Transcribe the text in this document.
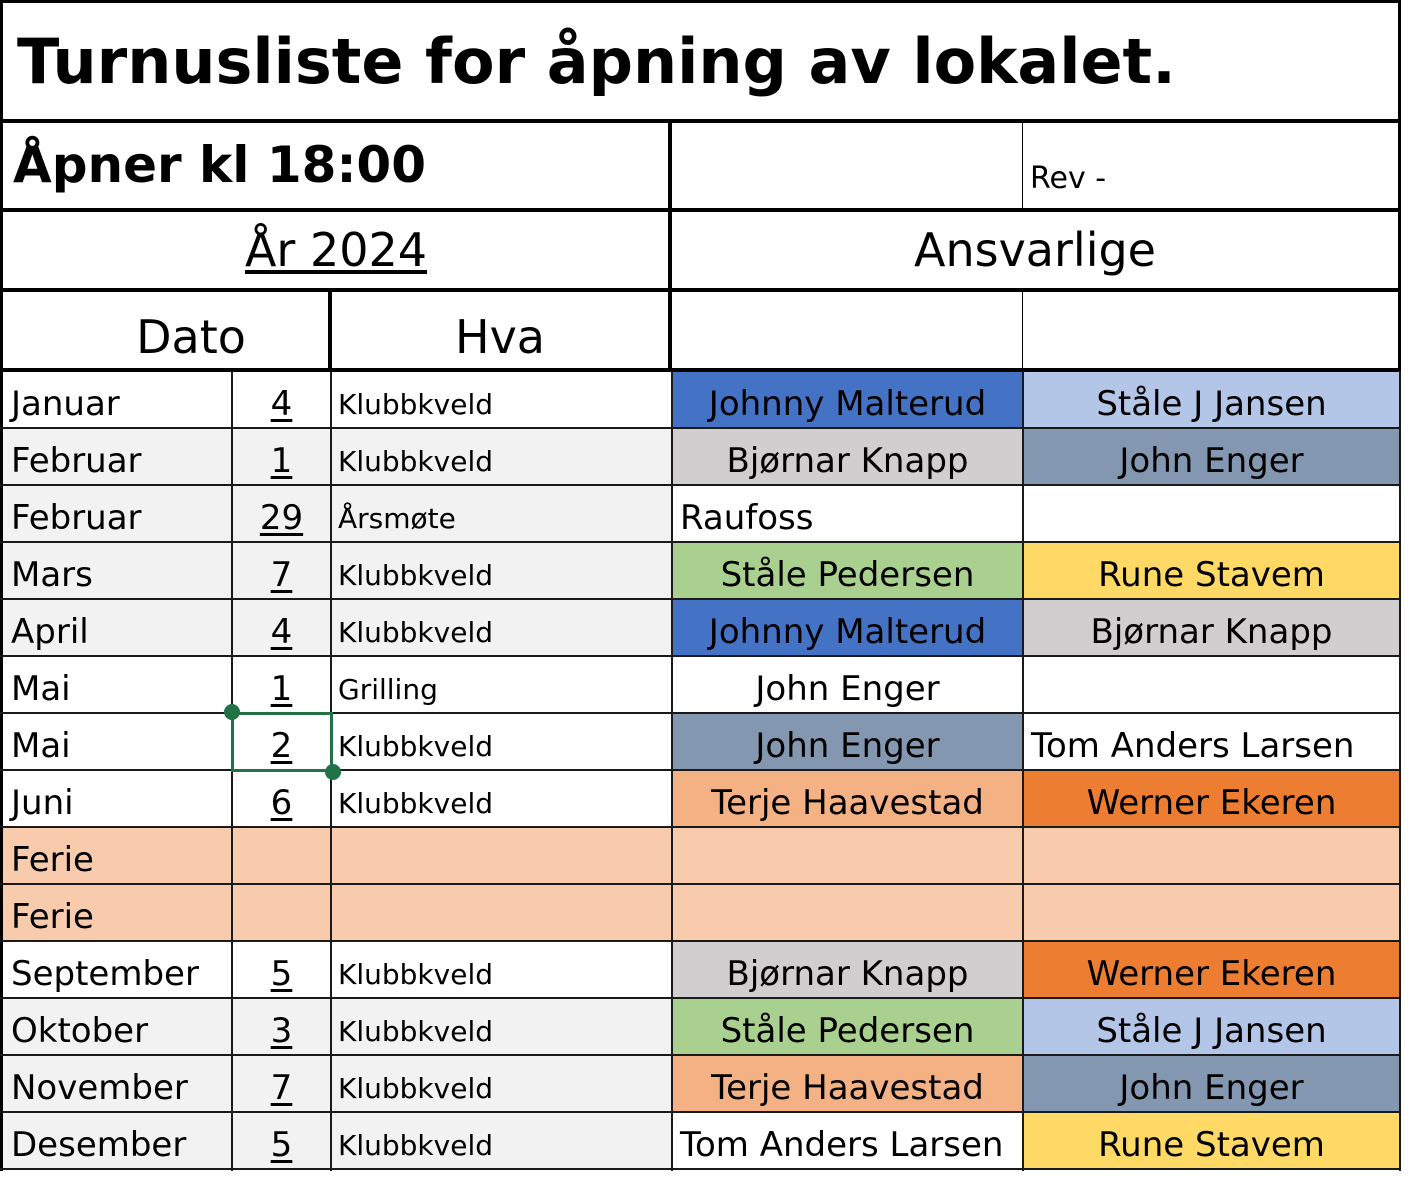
Turnusliste for åpning av lokalet.
Åpner kl 18:00	Rev -
År 2024	Ansvarlige
Dato	Hva
Januar	4	Klubbkveld	Johnny Malterud	Ståle J Jansen
Februar	1	Klubbkveld	Bjørnar Knapp	John Enger
Februar	29	Årsmøte	Raufoss
Mars	7	Klubbkveld	Ståle Pedersen	Rune Stavem
April	4	Klubbkveld	Johnny Malterud	Bjørnar Knapp
Mai	1	Grilling	John Enger
Mai	2	Klubbkveld	John Enger	Tom Anders Larsen
Juni	6	Klubbkveld	Terje Haavestad	Werner Ekeren
Ferie
Ferie
September	5	Klubbkveld	Bjørnar Knapp	Werner Ekeren
Oktober	3	Klubbkveld	Ståle Pedersen	Ståle J Jansen
November	7	Klubbkveld	Terje Haavestad	John Enger
Desember	5	Klubbkveld	Tom Anders Larsen	Rune Stavem
